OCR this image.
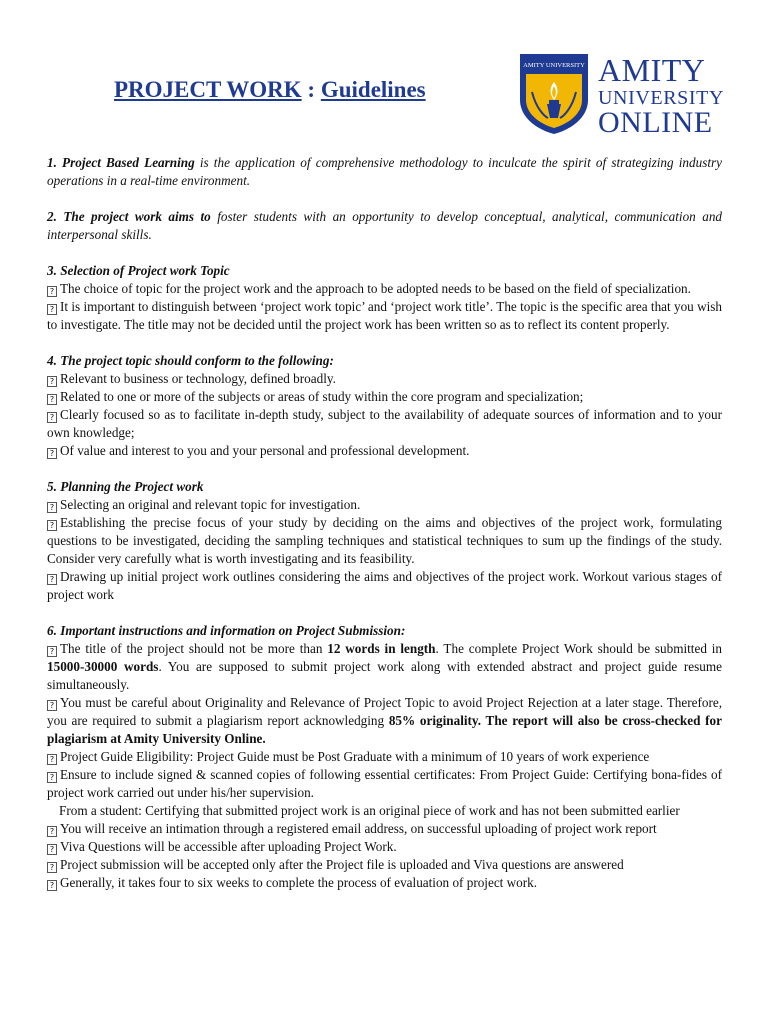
PROJECT WORK : Guidelines
AMITY UNIVERSITY AMITY
UNIVERSITY
ONLINE
1. Project Based Learning is the application of comprehensive methodology to inculcate the spirit of strategizing industry operations in a real-time environment.
2. The project work aims to foster students with an opportunity to develop conceptual, analytical, communication and interpersonal skills.
3. Selection of Project work Topic
? The choice of topic for the project work and the approach to be adopted needs to be based on the field of specialization.
? It is important to distinguish between ‘project work topic’ and ‘project work title’. The topic is the specific area that you wish to investigate. The title may not be decided until the project work has been written so as to reflect its content properly.
4. The project topic should conform to the following:
? Relevant to business or technology, defined broadly.
? Related to one or more of the subjects or areas of study within the core program and specialization;
? Clearly focused so as to facilitate in-depth study, subject to the availability of adequate sources of information and to your own knowledge;
? Of value and interest to you and your personal and professional development.
5. Planning the Project work
? Selecting an original and relevant topic for investigation.
? Establishing the precise focus of your study by deciding on the aims and objectives of the project work, formulating questions to be investigated, deciding the sampling techniques and statistical techniques to sum up the findings of the study. Consider very carefully what is worth investigating and its feasibility.
? Drawing up initial project work outlines considering the aims and objectives of the project work. Workout various stages of project work
6. Important instructions and information on Project Submission:
? The title of the project should not be more than 12 words in length. The complete Project Work should be submitted in 15000-30000 words. You are supposed to submit project work along with extended abstract and project guide resume simultaneously.
? You must be careful about Originality and Relevance of Project Topic to avoid Project Rejection at a later stage. Therefore, you are required to submit a plagiarism report acknowledging 85% originality. The report will also be cross-checked for plagiarism at Amity University Online.
? Project Guide Eligibility: Project Guide must be Post Graduate with a minimum of 10 years of work experience
? Ensure to include signed & scanned copies of following essential certificates: From Project Guide: Certifying bona-fides of project work carried out under his/her supervision.
From a student: Certifying that submitted project work is an original piece of work and has not been submitted earlier
? You will receive an intimation through a registered email address, on successful uploading of project work report
? Viva Questions will be accessible after uploading Project Work.
? Project submission will be accepted only after the Project file is uploaded and Viva questions are answered
? Generally, it takes four to six weeks to complete the process of evaluation of project work.
